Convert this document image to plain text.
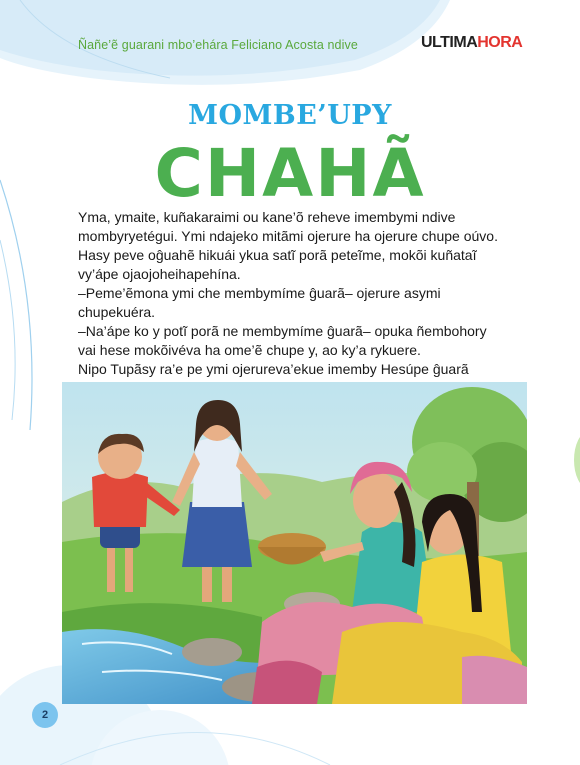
Ñañe’ẽ guarani mbo’ehára Feliciano Acosta ndive	ULTIMAHORA
MOMBE’UPY
CHAHÃ

Yma, ymaite, kuñakaraimi ou kane’õ reheve imembymi ndive

mombyryetégui. Ymi ndajeko mitãmi ojerure ha ojerure chupe oúvo.

Hasy peve oĝuahẽ hikuái ykua satĩ porã peteĩme, mokõi kuñataĩ

vy’ápe ojaojoheihapehína.

–Peme’ẽmona ymi che membymíme ĝuarã– ojerure asymi

chupekuéra.

–Na’ápe ko y potĩ porã ne membymíme ĝuarã– opuka ñembohory

vai hese mokõivéva ha ome’ẽ chupe y, ao ky’a rykuere.

Nipo Tupãsy ra’e pe ymi ojerureva’ekue imemby Hesúpe ĝuarã

2
